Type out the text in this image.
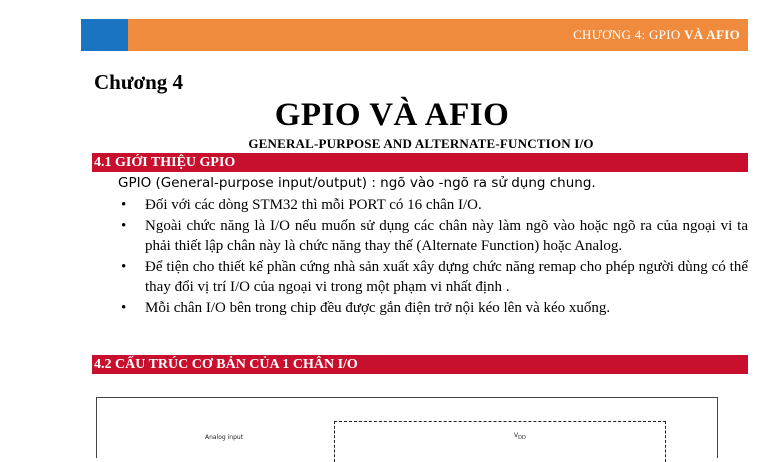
CHƯƠNG 4: GPIO VÀ AFIO
Chương 4
GPIO VÀ AFIO
GENERAL-PURPOSE AND ALTERNATE-FUNCTION I/O
4.1 GIỚI THIỆU GPIO
GPIO (General-purpose input/output) : ngõ vào -ngõ ra sử dụng chung.
• Đối với các dòng STM32 thì mỗi PORT có 16 chân I/O.
• Ngoài chức năng là I/O nếu muốn sử dụng các chân này làm ngõ vào hoặc ngõ ra của ngoại vi ta phải thiết lập chân này là chức năng thay thế (Alternate Function) hoặc Analog.
• Để tiện cho thiết kế phần cứng nhà sản xuất xây dựng chức năng remap cho phép người dùng có thể thay đổi vị trí I/O của ngoại vi trong một phạm vi nhất định .
• Mỗi chân I/O bên trong chip đều được gắn điện trở nội kéo lên và kéo xuống.
4.2 CẤU TRÚC CƠ BẢN CỦA 1 CHÂN I/O
Analog input	$V_{DD}$
